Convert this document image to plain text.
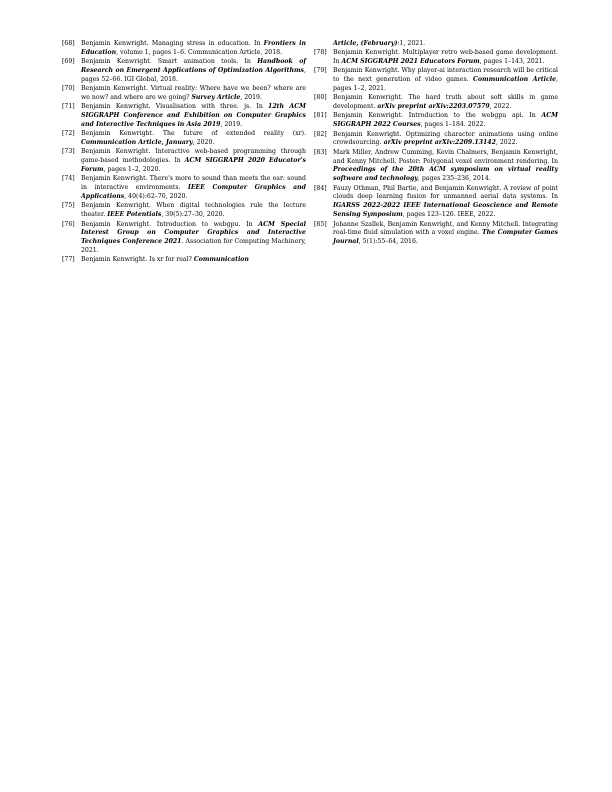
[68] Benjamin Kenwright. Managing stress in education. In Frontiers in Education, volume 1, pages 1–6. Communication Article, 2018.
[69] Benjamin Kenwright. Smart animation tools. In Handbook of Research on Emergent Applications of Optimization Algorithms, pages 52–66. IGI Global, 2018.
[70] Benjamin Kenwright. Virtual reality: Where have we been? where are we now? and where are we going? Survey Article, 2019.
[71] Benjamin Kenwright. Visualisation with three. js. In 12th ACM SIGGRAPH Conference and Exhibition on Computer Graphics and Interactive Techniques in Asia 2019, 2019.
[72] Benjamin Kenwright. The future of extended reality (xr). Communication Article, January, 2020.
[73] Benjamin Kenwright. Interactive web-based programming through game-based methodologies. In ACM SIGGRAPH 2020 Educator's Forum, pages 1–2, 2020.
[74] Benjamin Kenwright. There's more to sound than meets the ear: sound in interactive environments. IEEE Computer Graphics and Applications, 40(4):62–70, 2020.
[75] Benjamin Kenwright. When digital technologies rule the lecture theater. IEEE Potentials, 39(5):27–30, 2020.
[76] Benjamin Kenwright. Introduction to webgpu. In ACM Special Interest Group on Computer Graphics and Interactive Techniques Conference 2021. Association for Computing Machinery, 2021.
[77] Benjamin Kenwright. Is xr for real? Communication
Article, (February):1, 2021.
[78] Benjamin Kenwright. Multiplayer retro web-based game development. In ACM SIGGRAPH 2021 Educators Forum, pages 1–143, 2021.
[79] Benjamin Kenwright. Why player-ai interaction research will be critical to the next generation of video games. Communication Article, pages 1–2, 2021.
[80] Benjamin Kenwright. The hard truth about soft skills in game development. arXiv preprint arXiv:2203.07579, 2022.
[81] Benjamin Kenwright. Introduction to the webgpu api. In ACM SIGGRAPH 2022 Courses, pages 1–184. 2022.
[82] Benjamin Kenwright. Optimizing character animations using online crowdsourcing. arXiv preprint arXiv:2209.13142, 2022.
[83] Mark Miller, Andrew Cumming, Kevin Chalmers, Benjamin Kenwright, and Kenny Mitchell. Poster: Polygonal voxel environment rendering. In Proceedings of the 20th ACM symposium on virtual reality software and technology, pages 235–236, 2014.
[84] Fauzy Othman, Phil Bartie, and Benjamin Kenwright. A review of point clouds deep learning fusion for unmanned aerial data systems. In IGARSS 2022-2022 IEEE International Geoscience and Remote Sensing Symposium, pages 123–126. IEEE, 2022.
[85] Johanne Szallek, Benjamin Kenwright, and Kenny Mitchell. Integrating real-time fluid simulation with a voxel engine. The Computer Games Journal, 5(1):55–64, 2016.
